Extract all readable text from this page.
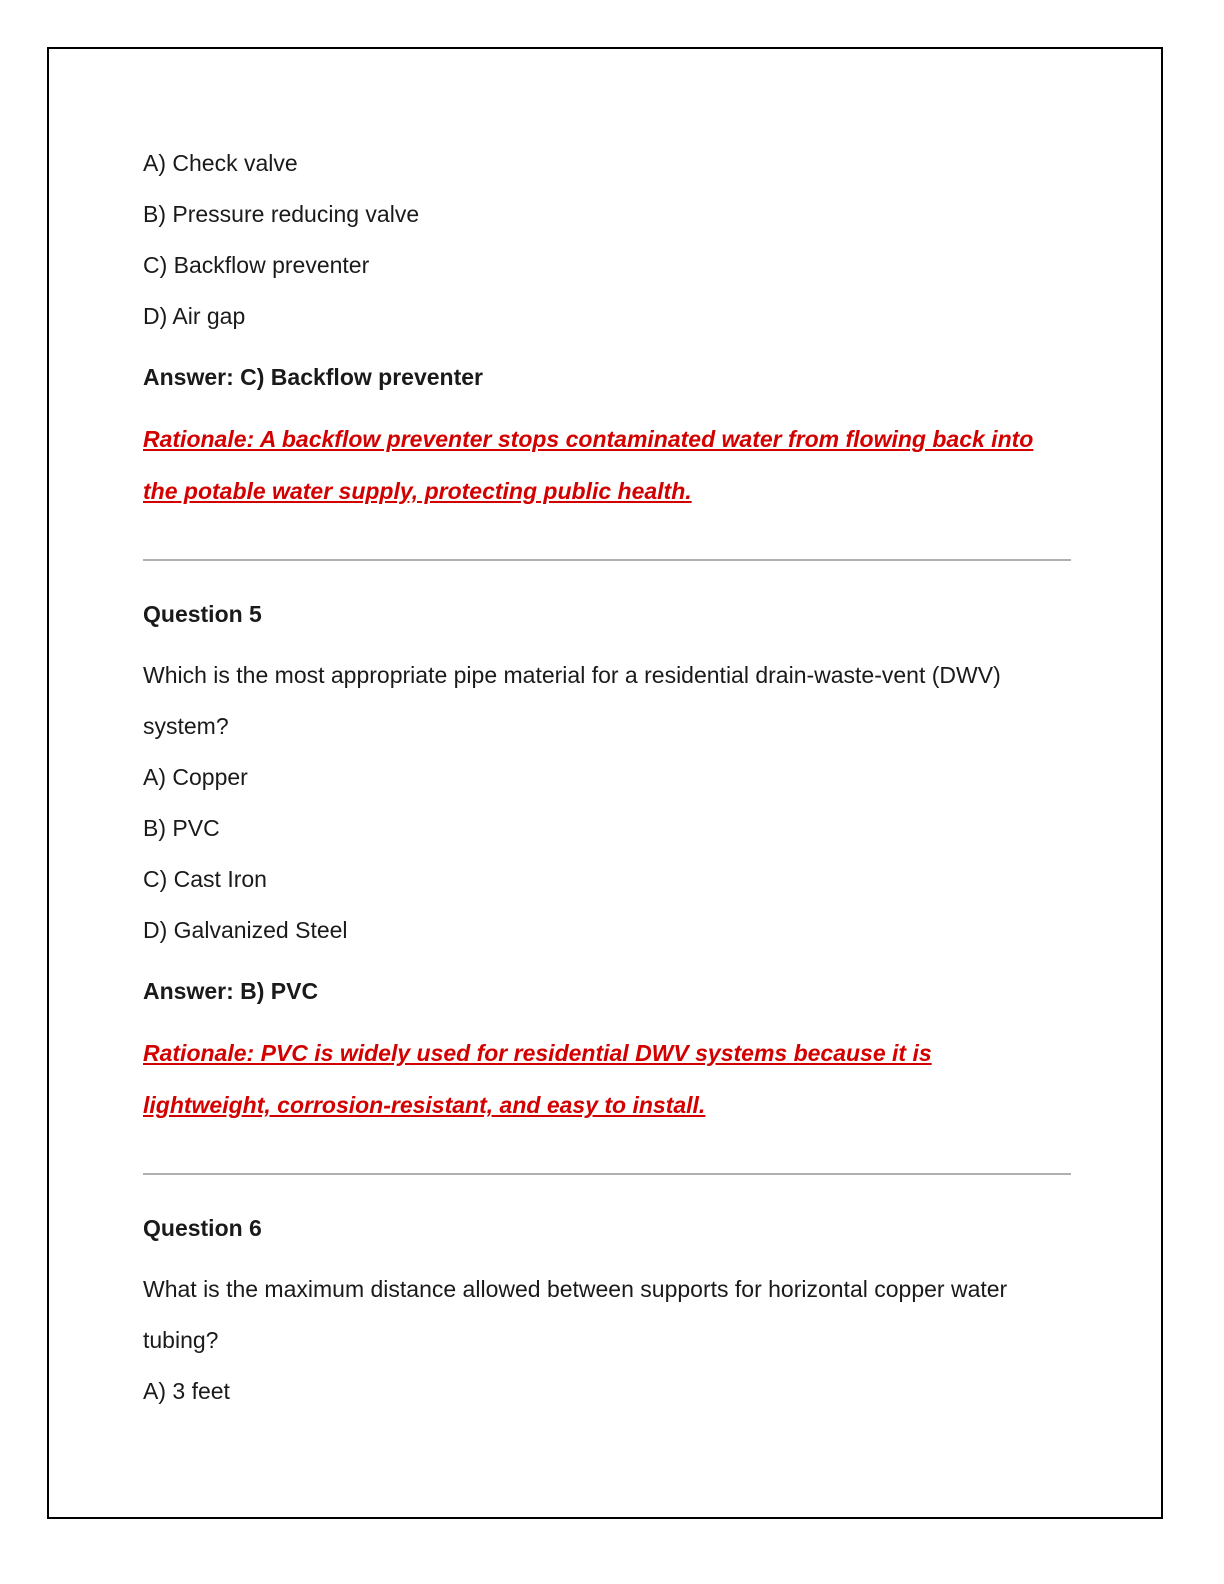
A) Check valve

B) Pressure reducing valve

C) Backflow preventer

D) Air gap

Answer: C) Backflow preventer
Rationale: A backflow preventer stops contaminated water from flowing back into the potable water supply, protecting public health.
Question 5

Which is the most appropriate pipe material for a residential drain-waste-vent (DWV) system?

A) Copper

B) PVC

C) Cast Iron

D) Galvanized Steel

Answer: B) PVC
Rationale: PVC is widely used for residential DWV systems because it is lightweight, corrosion-resistant, and easy to install.
Question 6

What is the maximum distance allowed between supports for horizontal copper water tubing?

A) 3 feet
